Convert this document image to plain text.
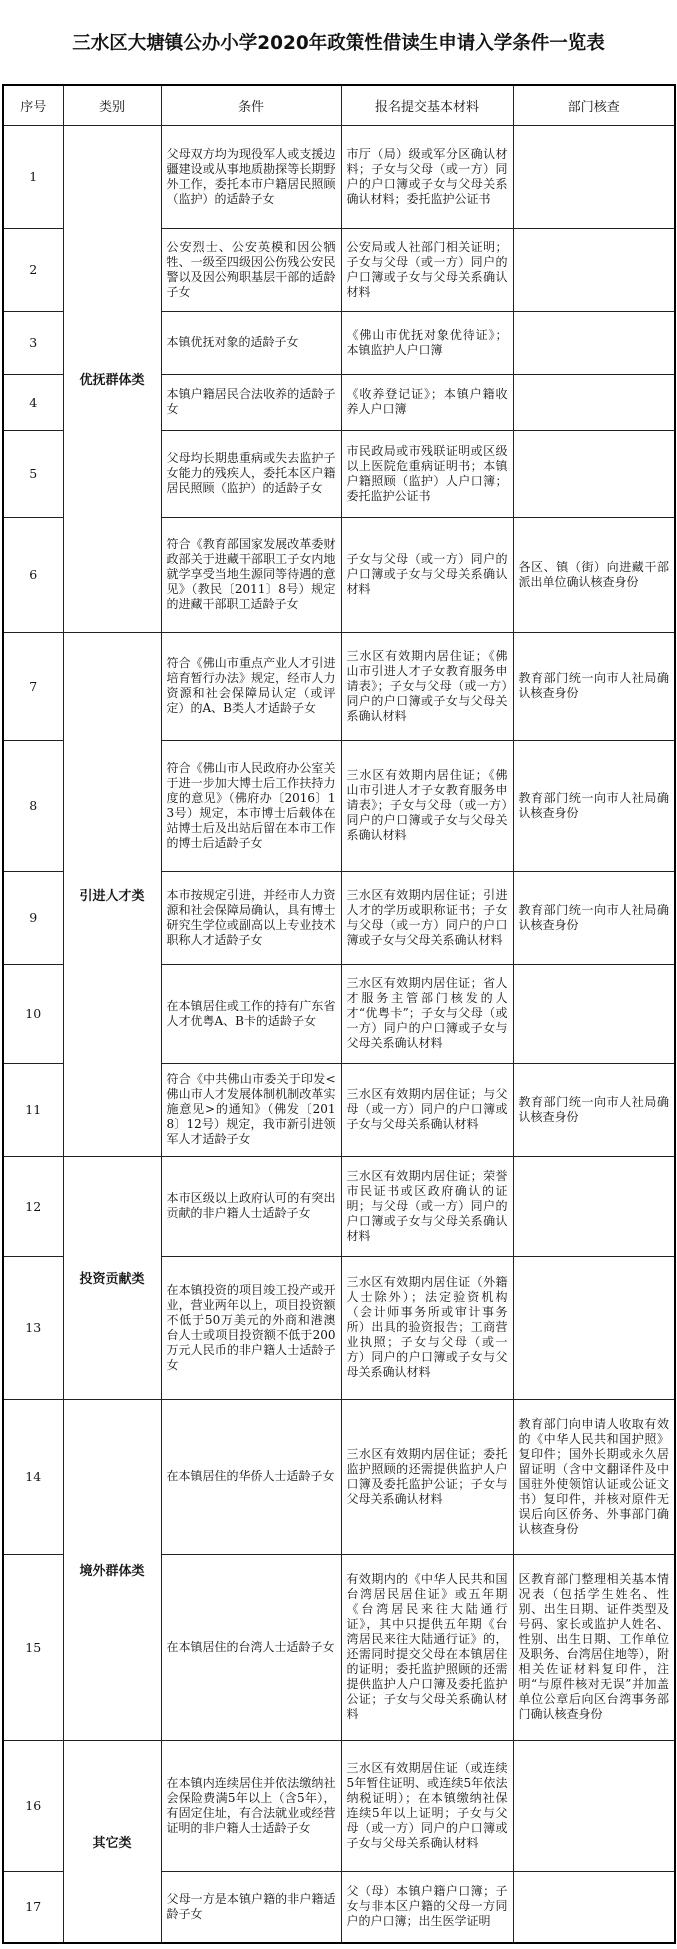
三水区大塘镇公办小学2020年政策性借读生申请入学条件一览表
序号	类别	条件	报名提交基本材料	部门核查
1	优抚群体类	父母双方均为现役军人或支援边疆建设或从事地质勘探等长期野外工作，委托本市户籍居民照顾（监护）的适龄子女	市厅（局）级或军分区确认材料；子女与父母（或一方）同户的户口簿或子女与父母关系确认材料；委托监护公证书	
2		公安烈士、公安英模和因公牺牲、一级至四级因公伤残公安民警以及因公殉职基层干部的适龄子女	公安局或人社部门相关证明；子女与父母（或一方）同户的户口簿或子女与父母关系确认材料	
3		本镇优抚对象的适龄子女	《佛山市优抚对象优待证》；本镇监护人户口簿	
4		本镇户籍居民合法收养的适龄子女	《收养登记证》；本镇户籍收养人户口簿	
5		父母均长期患重病或失去监护子女能力的残疾人，委托本区户籍居民照顾（监护）的适龄子女	市民政局或市残联证明或区级以上医院危重病证明书；本镇户籍照顾（监护）人户口簿；委托监护公证书	
6		符合《教育部国家发展改革委财政部关于进藏干部职工子女内地就学享受当地生源同等待遇的意见》（教民〔2011〕8号）规定的进藏干部职工适龄子女	子女与父母（或一方）同户的户口簿或子女与父母关系确认材料	各区、镇（街）向进藏干部派出单位确认核查身份
7	引进人才类	符合《佛山市重点产业人才引进培育暂行办法》规定，经市人力资源和社会保障局认定（或评定）的A、B类人才适龄子女	三水区有效期内居住证；《佛山市引进人才子女教育服务申请表》；子女与父母（或一方）同户的户口簿或子女与父母关系确认材料	教育部门统一向市人社局确认核查身份
8		符合《佛山市人民政府办公室关于进一步加大博士后工作扶持力度的意见》（佛府办〔2016〕13号）规定，本市博士后载体在站博士后及出站后留在本市工作的博士后适龄子女	三水区有效期内居住证；《佛山市引进人才子女教育服务申请表》；子女与父母（或一方）同户的户口簿或子女与父母关系确认材料	教育部门统一向市人社局确认核查身份
9		本市按规定引进，并经市人力资源和社会保障局确认，具有博士研究生学位或副高以上专业技术职称人才适龄子女	三水区有效期内居住证；引进人才的学历或职称证书；子女与父母（或一方）同户的户口簿或子女与父母关系确认材料	教育部门统一向市人社局确认核查身份
10		在本镇居住或工作的持有广东省人才优粤A、B卡的适龄子女	三水区有效期内居住证；省人才服务主管部门核发的人才“优粤卡”；子女与父母（或一方）同户的户口簿或子女与父母关系确认材料	
11		符合《中共佛山市委关于印发<佛山市人才发展体制机制改革实施意见>的通知》（佛发〔2018〕12号）规定，我市新引进领军人才适龄子女	三水区有效期内居住证；与父母（或一方）同户的户口簿或子女与父母关系确认材料	教育部门统一向市人社局确认核查身份
12	投资贡献类	本市区级以上政府认可的有突出贡献的非户籍人士适龄子女	三水区有效期内居住证；荣誉市民证书或区政府确认的证明；与父母（或一方）同户的户口簿或子女与父母关系确认材料	
13		在本镇投资的项目竣工投产或开业，营业两年以上，项目投资额不低于50万美元的外商和港澳台人士或项目投资额不低于200万元人民币的非户籍人士适龄子女	三水区有效期内居住证（外籍人士除外）；法定验资机构（会计师事务所或审计事务所）出具的验资报告；工商营业执照；子女与父母（或一方）同户的户口簿或子女与父母关系确认材料	
14	境外群体类	在本镇居住的华侨人士适龄子女	三水区有效期内居住证；委托监护照顾的还需提供监护人户口簿及委托监护公证；子女与父母关系确认材料	教育部门向申请人收取有效的《中华人民共和国护照》复印件；国外长期或永久居留证明（含中文翻译件及中国驻外使领馆认证或公证文书）复印件，并核对原件无误后向区侨务、外事部门确认核查身份
15		在本镇居住的台湾人士适龄子女	有效期内的《中华人民共和国台湾居民居住证》或五年期《台湾居民来往大陆通行证》，其中只提供五年期《台湾居民来往大陆通行证》的，还需同时提交父母在本镇居住的证明；委托监护照顾的还需提供监护人户口簿及委托监护公证；子女与父母关系确认材料	区教育部门整理相关基本情况表（包括学生姓名、性别、出生日期、证件类型及号码、家长或监护人姓名、性别、出生日期、工作单位及职务、台湾居住地等），附相关佐证材料复印件，注明“与原件核对无误”并加盖单位公章后向区台湾事务部门确认核查身份
16	其它类	在本镇内连续居住并依法缴纳社会保险费满5年以上（含5年），有固定住址，有合法就业或经营证明的非户籍人士适龄子女	三水区有效期居住证（或连续5年暂住证明、或连续5年依法纳税证明）；在本镇缴纳社保连续5年以上证明；子女与父母（或一方）同户的户口簿或子女与父母关系确认材料	
17		父母一方是本镇户籍的非户籍适龄子女	父（母）本镇户籍户口簿；子女与非本区户籍的父母一方同户的户口簿；出生医学证明	
